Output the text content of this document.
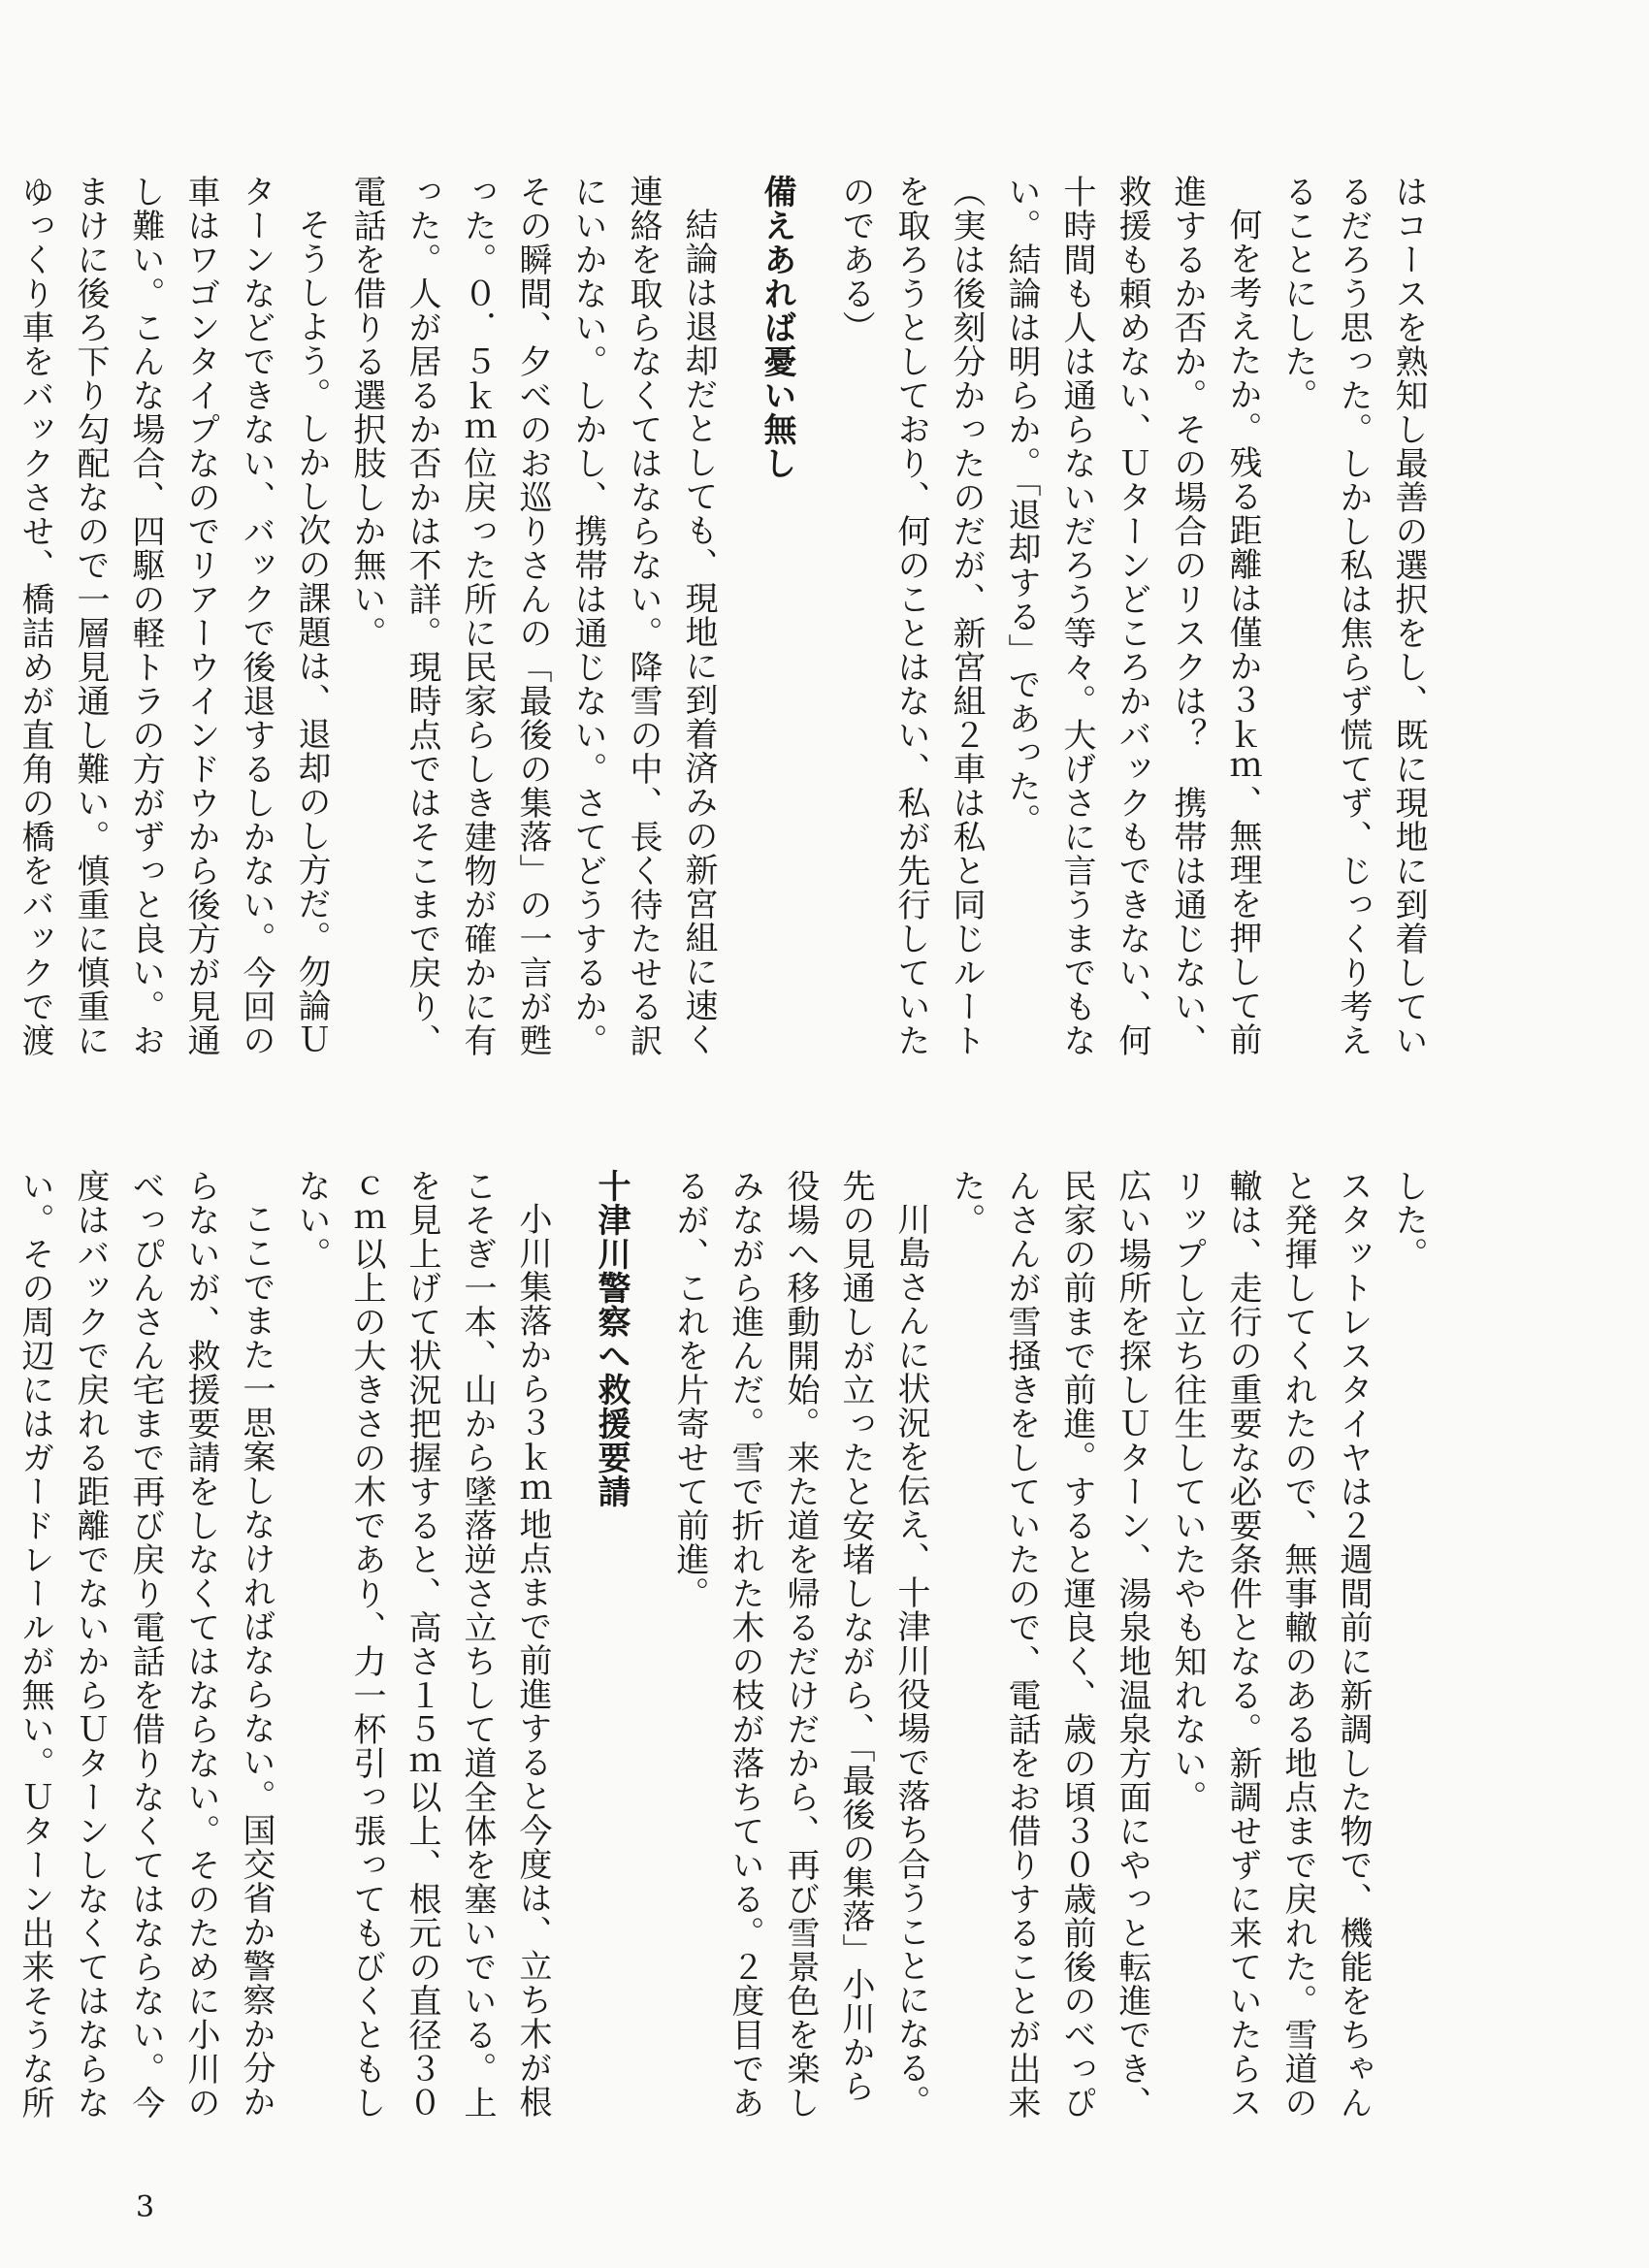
はコースを熟知し最善の選択をし、既に現地に到着しているだろう思った。しかし私は焦らず慌てず、じっくり考えることにした。
何を考えたか。残る距離は僅か３ｋｍ、無理を押して前進するか否か。その場合のリスクは？　携帯は通じない、救援も頼めない、Ｕターンどころかバックもできない、何十時間も人は通らないだろう等々。大げさに言うまでもない。結論は明らか。「退却する」であった。
（実は後刻分かったのだが、新宮組２車は私と同じルートを取ろうとしており、何のことはない、私が先行していたのである）
備えあれば憂い無し
結論は退却だとしても、現地に到着済みの新宮組に速く連絡を取らなくてはならない。降雪の中、長く待たせる訳にいかない。しかし、携帯は通じない。さてどうするか。その瞬間、夕べのお巡りさんの「最後の集落」の一言が甦った。０．５ｋｍ位戻った所に民家らしき建物が確かに有った。人が居るか否かは不詳。現時点ではそこまで戻り、電話を借りる選択肢しか無い。
そうしよう。しかし次の課題は、退却のし方だ。勿論Ｕターンなどできない、バックで後退するしかない。今回の車はワゴンタイプなのでリアーウインドウから後方が見通し難い。こんな場合、四駆の軽トラの方がずっと良い。おまけに後ろ下り勾配なので一層見通し難い。慎重に慎重にゆっくり車をバックさせ、橋詰めが直角の橋をバックで渡
した。
スタットレスタイヤは２週間前に新調した物で、機能をちゃんと発揮してくれたので、無事轍のある地点まで戻れた。雪道の轍は、走行の重要な必要条件となる。新調せずに来ていたらスリップし立ち往生していたやも知れない。
広い場所を探しＵターン、湯泉地温泉方面にやっと転進でき、民家の前まで前進。すると運良く、歳の頃３０歳前後のべっぴんさんが雪掻きをしていたので、電話をお借りすることが出来た。
川島さんに状況を伝え、十津川役場で落ち合うことになる。先の見通しが立ったと安堵しながら、「最後の集落」小川から役場へ移動開始。来た道を帰るだけだから、再び雪景色を楽しみながら進んだ。雪で折れた木の枝が落ちている。２度目であるが、これを片寄せて前進。
十津川警察へ救援要請
小川集落から３ｋｍ地点まで前進すると今度は、立ち木が根こそぎ一本、山から墜落逆さ立ちして道全体を塞いでいる。上を見上げて状況把握すると、高さ１５ｍ以上、根元の直径３０ｃｍ以上の大きさの木であり、力一杯引っ張ってもびくともしない。
ここでまた一思案しなければならない。国交省か警察か分からないが、救援要請をしなくてはならない。そのために小川のべっぴんさん宅まで再び戻り電話を借りなくてはならない。今度はバックで戻れる距離でないからＵターンしなくてはならない。その周辺にはガードレールが無い。Ｕターン出来そうな所
3
